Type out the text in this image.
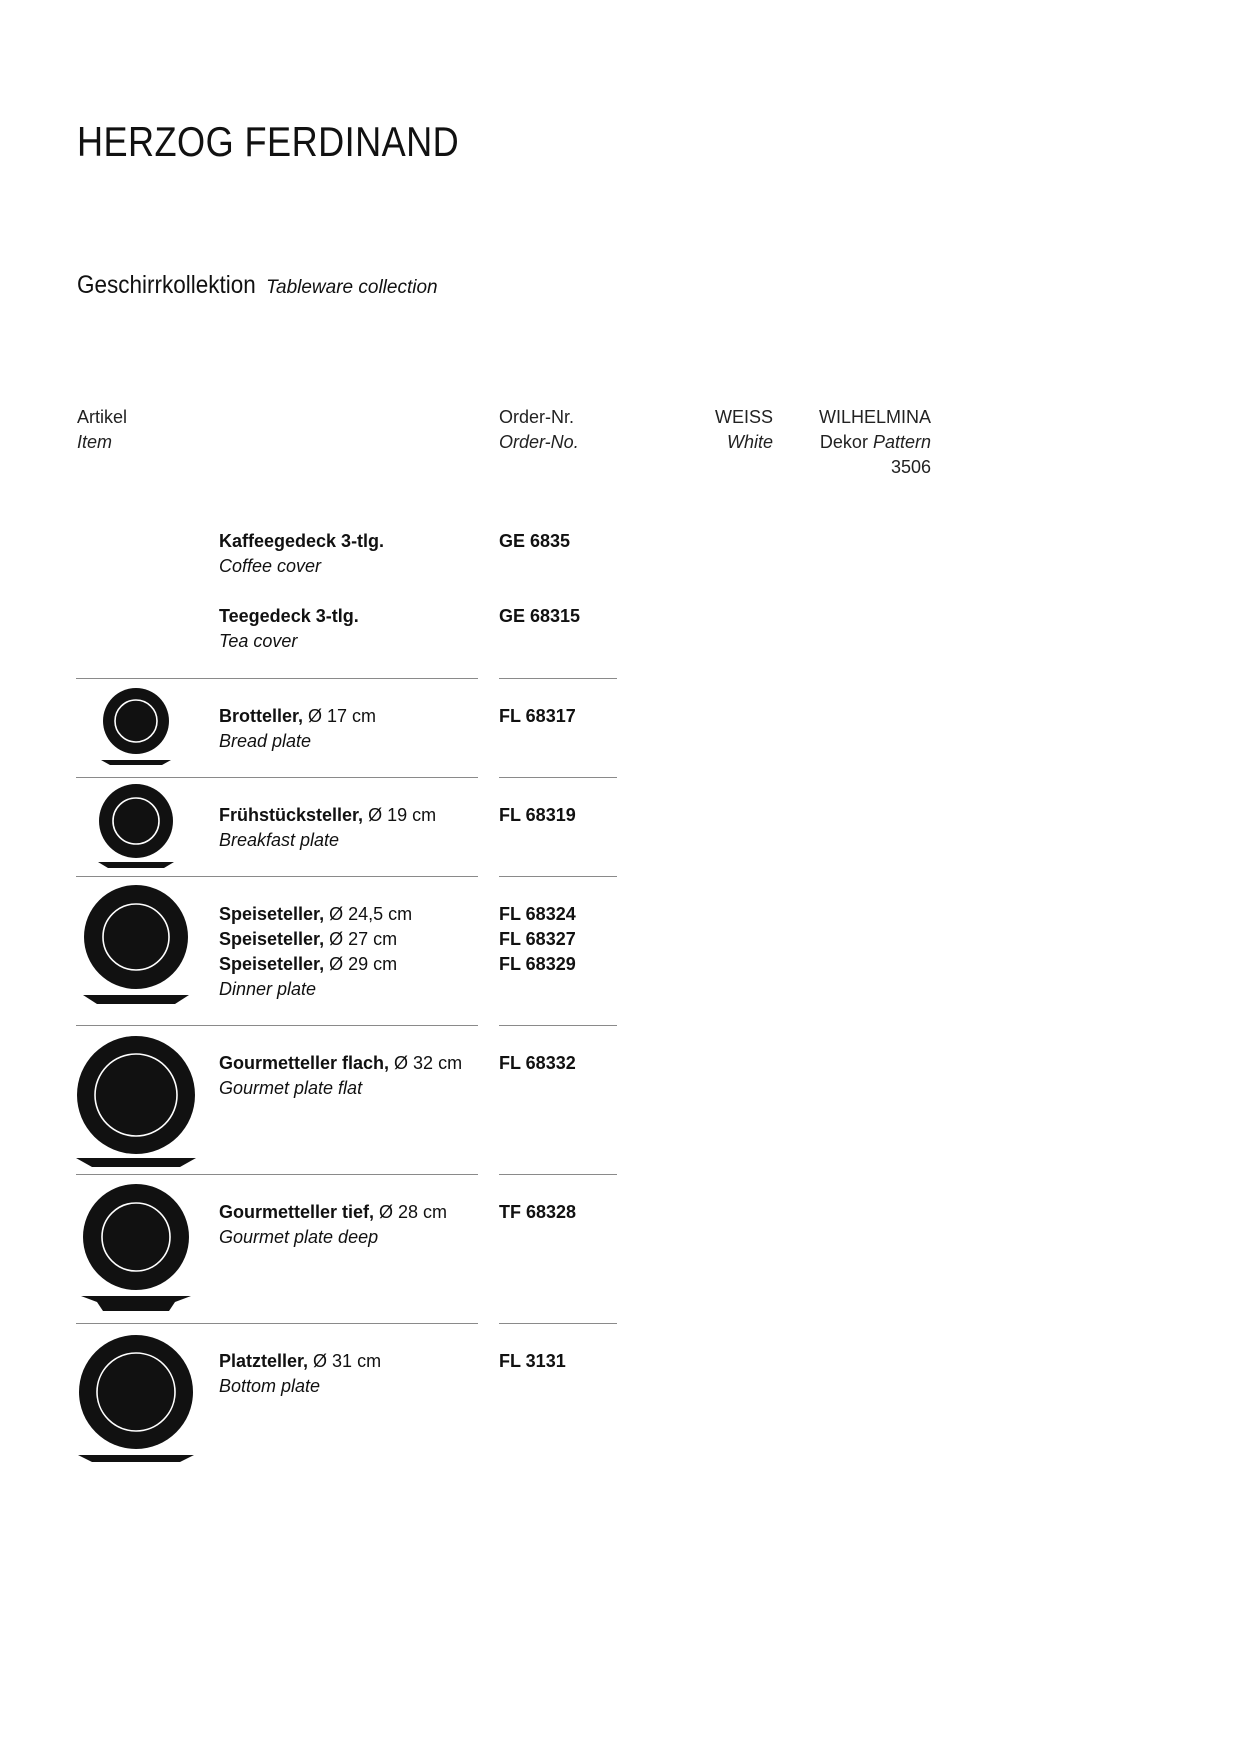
HERZOG FERDINAND
Geschirrkollektion Tableware collection
Artikel
Item
Order-Nr.
Order-No.
WEISS
White
WILHELMINA
Dekor Pattern
3506
Kaffeegedeck 3-tlg.
Coffee cover
GE 6835
Teegedeck 3-tlg.
Tea cover
GE 68315
Brotteller, Ø 17 cm
Bread plate
FL 68317
Frühstücksteller, Ø 19 cm
Breakfast plate
FL 68319
Speiseteller, Ø 24,5 cm
Speiseteller, Ø 27 cm
Speiseteller, Ø 29 cm
Dinner plate
FL 68324
FL 68327
FL 68329
Gourmetteller flach, Ø 32 cm
Gourmet plate flat
FL 68332
Gourmetteller tief, Ø 28 cm
Gourmet plate deep
TF 68328
Platzteller, Ø 31 cm
Bottom plate
FL 3131
